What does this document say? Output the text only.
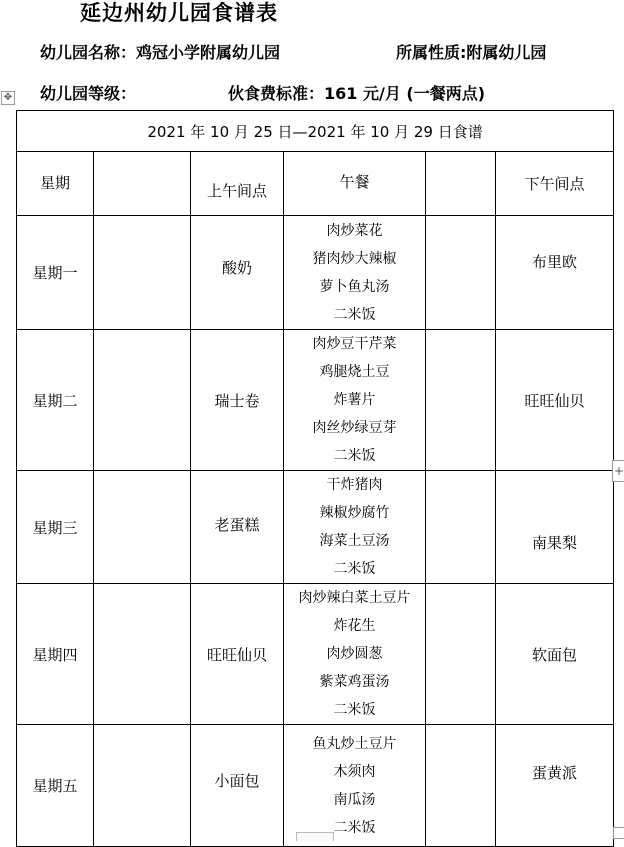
延边州幼儿园食谱表
幼儿园名称：鸡冠小学附属幼儿园	所属性质:附属幼儿园
幼儿园等级：	伙食费标准：161 元/月 (一餐两点)
✥
2021 年 10 月 25 日—2021 年 10 月 29 日食谱					
星期		上午间点	午餐		下午间点
星期一		酸奶	肉炒菜花
猪肉炒大辣椒
萝卜鱼丸汤
二米饭		布里欧
星期二		瑞士卷	肉炒豆干芹菜
鸡腿烧土豆
炸薯片
肉丝炒绿豆芽
二米饭		旺旺仙贝
星期三		老蛋糕	干炸猪肉
辣椒炒腐竹
海菜土豆汤
二米饭		南果梨
星期四		旺旺仙贝	肉炒辣白菜土豆片
炸花生
肉炒圆葱
紫菜鸡蛋汤
二米饭		软面包
星期五		小面包	鱼丸炒土豆片
木须肉
南瓜汤
二米饭		蛋黄派
+
